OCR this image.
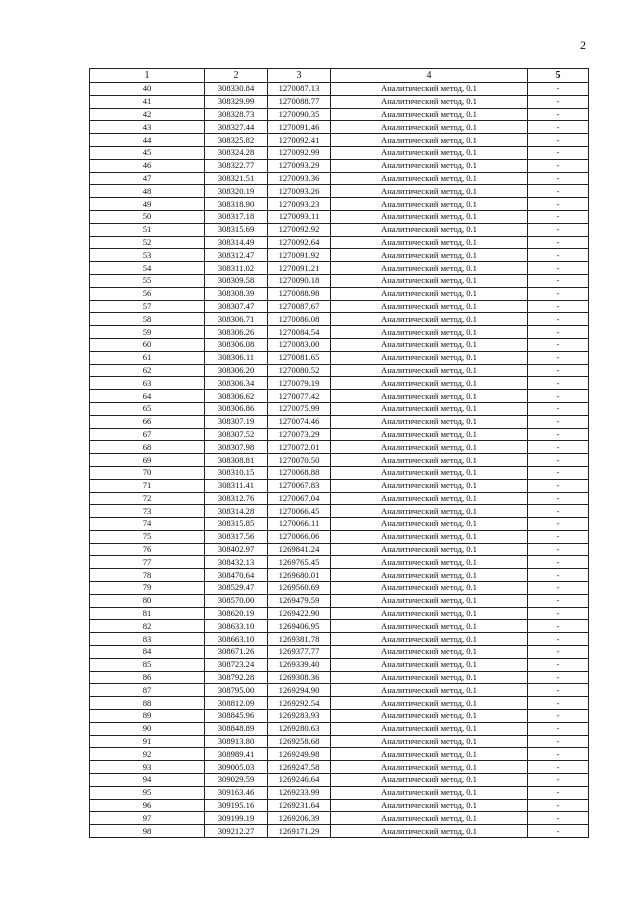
2
1	2	3	4	5
40	308330.84	1270087.13	Аналитический метод, 0.1	-
41	308329.99	1270088.77	Аналитический метод, 0.1	-
42	308328.73	1270090.35	Аналитический метод, 0.1	-
43	308327.44	1270091.46	Аналитический метод, 0.1	-
44	308325.82	1270092.41	Аналитический метод, 0.1	-
45	308324.28	1270092.99	Аналитический метод, 0.1	-
46	308322.77	1270093.29	Аналитический метод, 0.1	-
47	308321.51	1270093.36	Аналитический метод, 0.1	-
48	308320.19	1270093.26	Аналитический метод, 0.1	-
49	308318.90	1270093.23	Аналитический метод, 0.1	-
50	308317.18	1270093.11	Аналитический метод, 0.1	-
51	308315.69	1270092.92	Аналитический метод, 0.1	-
52	308314.49	1270092.64	Аналитический метод, 0.1	-
53	308312.47	1270091.92	Аналитический метод, 0.1	-
54	308311.02	1270091.21	Аналитический метод, 0.1	-
55	308309.58	1270090.18	Аналитический метод, 0.1	-
56	308308.39	1270088.98	Аналитический метод, 0.1	-
57	308307.47	1270087.67	Аналитический метод, 0.1	-
58	308306.71	1270086.08	Аналитический метод, 0.1	-
59	308306.26	1270084.54	Аналитический метод, 0.1	-
60	308306.08	1270083.00	Аналитический метод, 0.1	-
61	308306.11	1270081.65	Аналитический метод, 0.1	-
62	308306.20	1270080.52	Аналитический метод, 0.1	-
63	308306.34	1270079.19	Аналитический метод, 0.1	-
64	308306.62	1270077.42	Аналитический метод, 0.1	-
65	308306.86	1270075.99	Аналитический метод, 0.1	-
66	308307.19	1270074.46	Аналитический метод, 0.1	-
67	308307.52	1270073.29	Аналитический метод, 0.1	-
68	308307.98	1270072.01	Аналитический метод, 0.1	-
69	308308.81	1270070.50	Аналитический метод, 0.1	-
70	308310.15	1270068.88	Аналитический метод, 0.1	-
71	308311.41	1270067.83	Аналитический метод, 0.1	-
72	308312.76	1270067.04	Аналитический метод, 0.1	-
73	308314.28	1270066.45	Аналитический метод, 0.1	-
74	308315.85	1270066.11	Аналитический метод, 0.1	-
75	308317.56	1270066.06	Аналитический метод, 0.1	-
76	308402.97	1269841.24	Аналитический метод, 0.1	-
77	308432.13	1269765.45	Аналитический метод, 0.1	-
78	308470.64	1269680.01	Аналитический метод, 0.1	-
79	308529.47	1269560.69	Аналитический метод, 0.1	-
80	308570.00	1269479.59	Аналитический метод, 0.1	-
81	308620.19	1269422.90	Аналитический метод, 0.1	-
82	308633.10	1269406.95	Аналитический метод, 0.1	-
83	308663.10	1269381.78	Аналитический метод, 0.1	-
84	308671.26	1269377.77	Аналитический метод, 0.1	-
85	308723.24	1269339.40	Аналитический метод, 0.1	-
86	308792.28	1269308.36	Аналитический метод, 0.1	-
87	308795.00	1269294.90	Аналитический метод, 0.1	-
88	308812.09	1269292.54	Аналитический метод, 0.1	-
89	308845.96	1269283.93	Аналитический метод, 0.1	-
90	308848.89	1269280.63	Аналитический метод, 0.1	-
91	308913.80	1269258.68	Аналитический метод, 0.1	-
92	308989.41	1269249.98	Аналитический метод, 0.1	-
93	309005.03	1269247.58	Аналитический метод, 0.1	-
94	309029.59	1269246.64	Аналитический метод, 0.1	-
95	309163.46	1269233.99	Аналитический метод, 0.1	-
96	309195.16	1269231.64	Аналитический метод, 0.1	-
97	309199.19	1269206.39	Аналитический метод, 0.1	-
98	309212.27	1269171.29	Аналитический метод, 0.1	-
